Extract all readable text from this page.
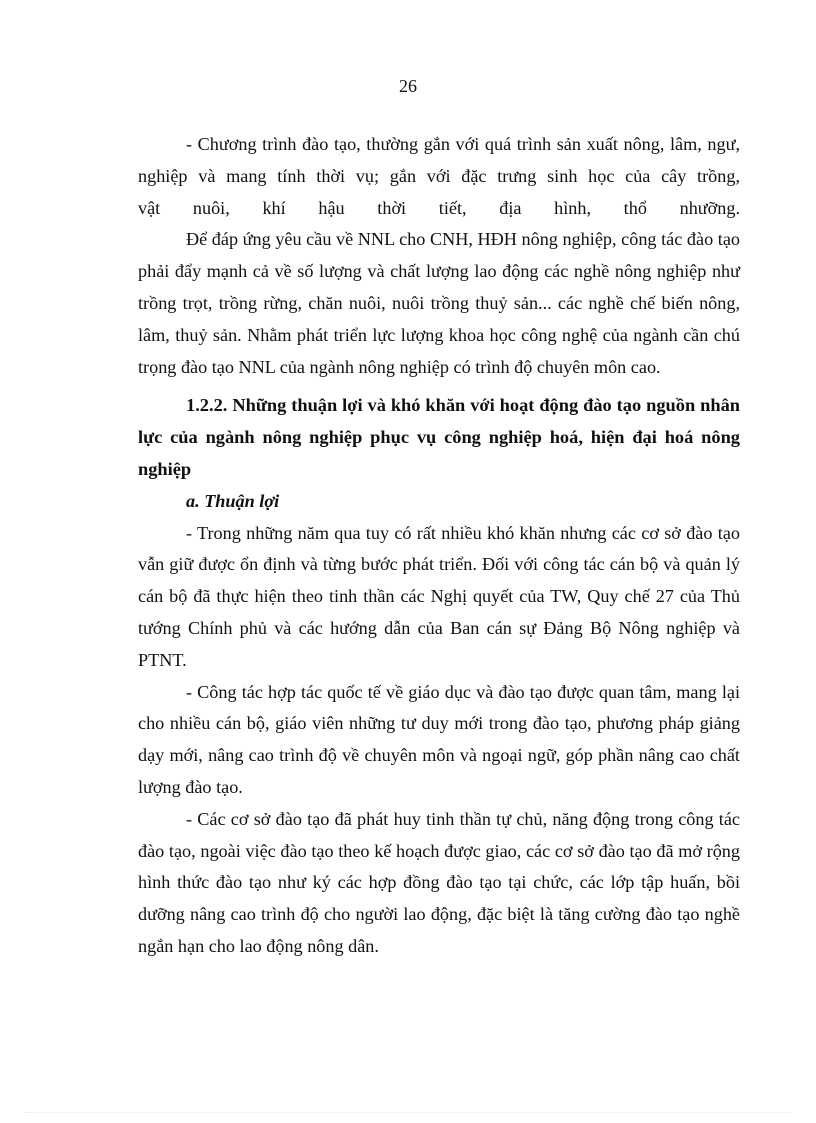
26

- Chương trình đào tạo, thường gắn với quá trình sản xuất nông, lâm, ngư, nghiệp và mang tính thời vụ; gắn với đặc trưng sinh học của cây trồng,

vật nuôi, khí hậu thời tiết, địa hình, thổ nhưỡng.

Để đáp ứng yêu cầu về NNL cho CNH, HĐH nông nghiệp, công tác đào tạo phải đẩy mạnh cả về số lượng và chất lượng lao động các nghề nông nghiệp như trồng trọt, trồng rừng, chăn nuôi, nuôi trồng thuỷ sản... các nghề chế biến nông, lâm, thuỷ sản. Nhằm phát triển lực lượng khoa học công nghệ của ngành cần chú trọng đào tạo NNL của ngành nông nghiệp có trình độ chuyên môn cao.

1.2.2. Những thuận lợi và khó khăn với hoạt động đào tạo nguồn nhân lực của ngành nông nghiệp phục vụ công nghiệp hoá, hiện đại hoá nông nghiệp

a. Thuận lợi

- Trong những năm qua tuy có rất nhiều khó khăn nhưng các cơ sở đào tạo vẫn giữ được ổn định và từng bước phát triển. Đối với công tác cán bộ và quản lý cán bộ đã thực hiện theo tinh thần các Nghị quyết của TW, Quy chế 27 của Thủ tướng Chính phủ và các hướng dẫn của Ban cán sự Đảng Bộ Nông nghiệp và PTNT.

- Công tác hợp tác quốc tế về giáo dục và đào tạo được quan tâm, mang lại cho nhiều cán bộ, giáo viên những tư duy mới trong đào tạo, phương pháp giảng dạy mới, nâng cao trình độ về chuyên môn và ngoại ngữ, góp phần nâng cao chất lượng đào tạo.

- Các cơ sở đào tạo đã phát huy tinh thần tự chủ, năng động trong công tác đào tạo, ngoài việc đào tạo theo kế hoạch được giao, các cơ sở đào tạo đã mở rộng hình thức đào tạo như ký các hợp đồng đào tạo tại chức, các lớp tập huấn, bồi dưỡng nâng cao trình độ cho người lao động, đặc biệt là tăng cường đào tạo nghề ngắn hạn cho lao động nông dân.
